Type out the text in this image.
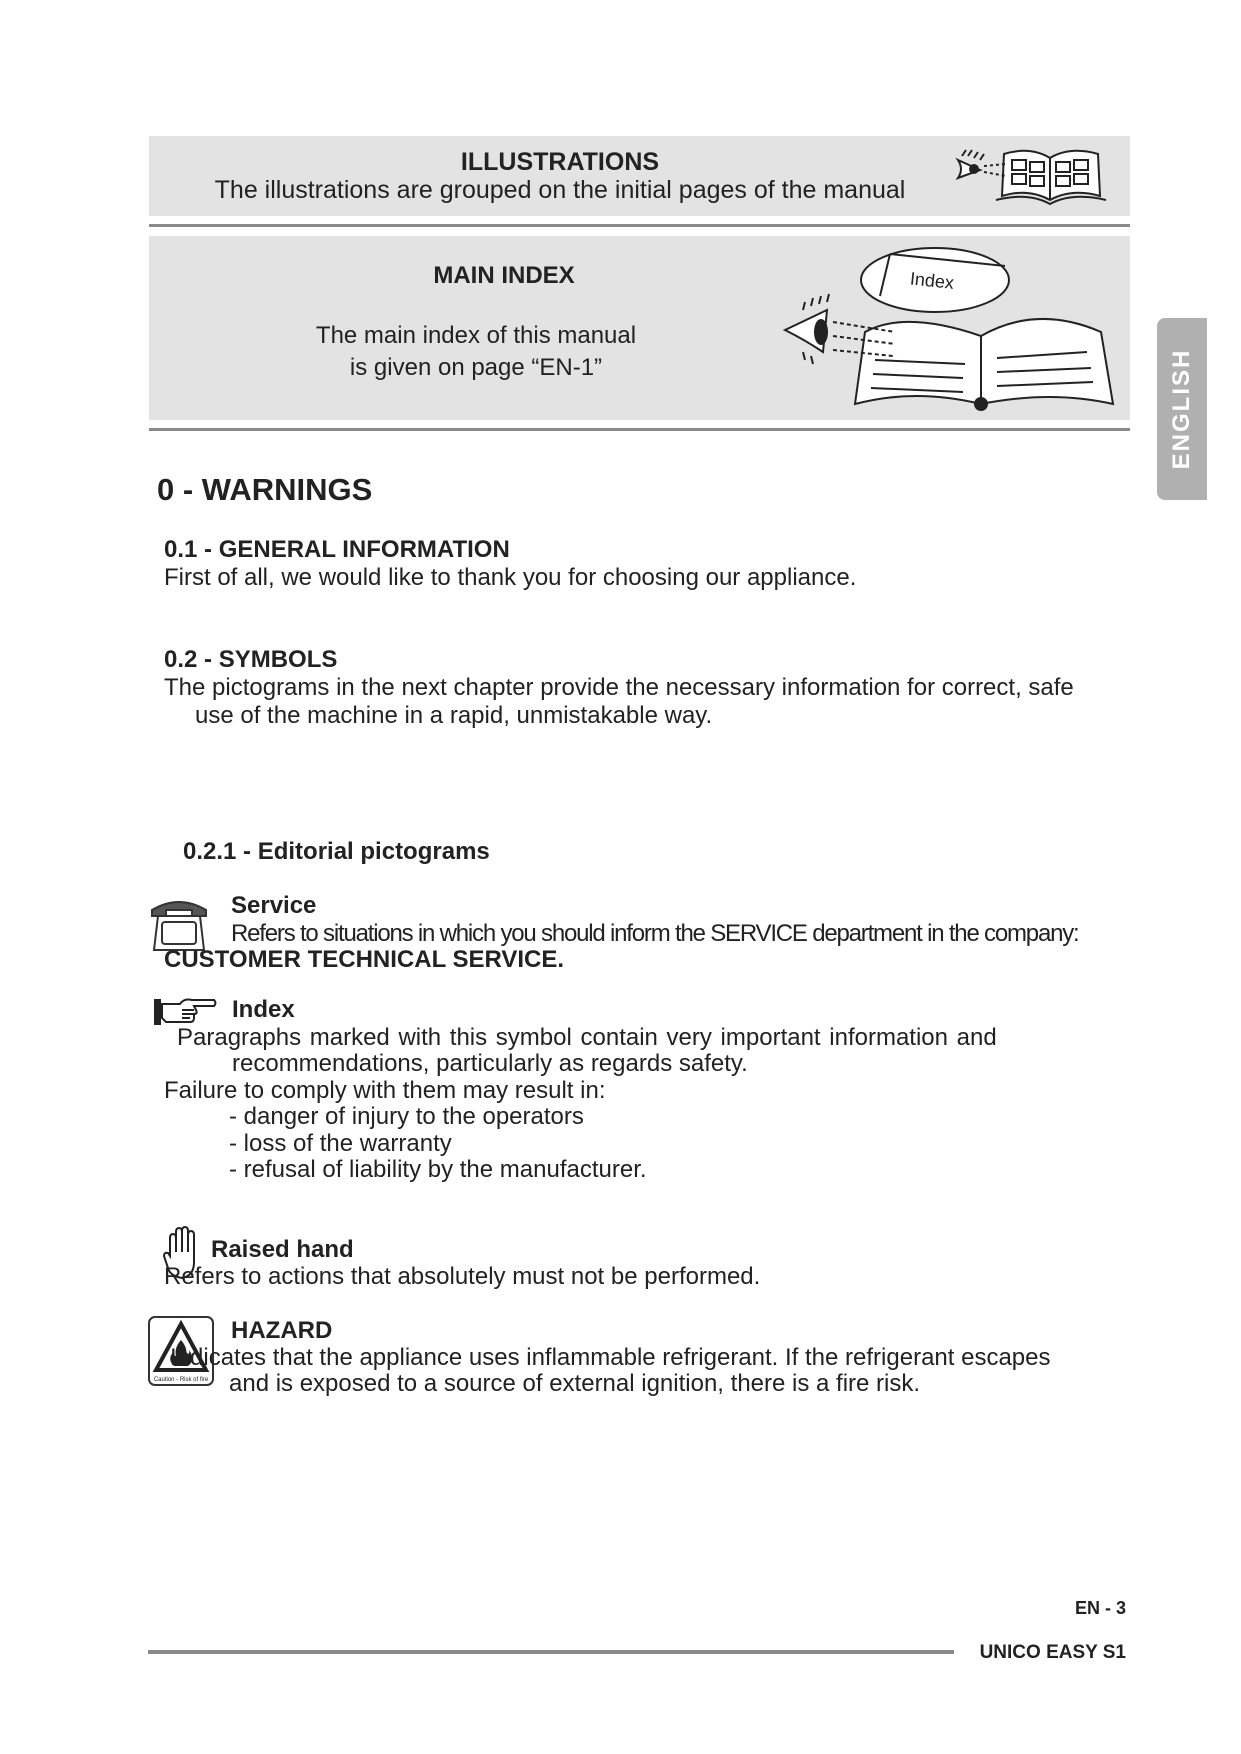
ENGLISH
ILLUSTRATIONS
The illustrations are grouped on the initial pages of the manual
MAIN INDEX
The main index of this manual
is given on page “EN-1”
Index
0 - WARNINGS
0.1 - GENERAL INFORMATION
First of all, we would like to thank you for choosing our appliance.
0.2 - SYMBOLS
The pictograms in the next chapter provide the necessary information for correct, safe
use of the machine in a rapid, unmistakable way.
0.2.1 - Editorial pictograms
Service
Refers to situations in which you should inform the SERVICE department in the company:
CUSTOMER TECHNICAL SERVICE.
Index
Paragraphs marked with this symbol contain very important information and
recommendations, particularly as regards safety.
Failure to comply with them may result in:
- danger of injury to the operators
- loss of the warranty
- refusal of liability by the manufacturer.
Raised hand
Refers to actions that absolutely must not be performed.
Caution - Risk of fire
HAZARD
Indicates that the appliance uses inflammable refrigerant. If the refrigerant escapes
and is exposed to a source of external ignition, there is a fire risk.
EN - 3
UNICO EASY S1
